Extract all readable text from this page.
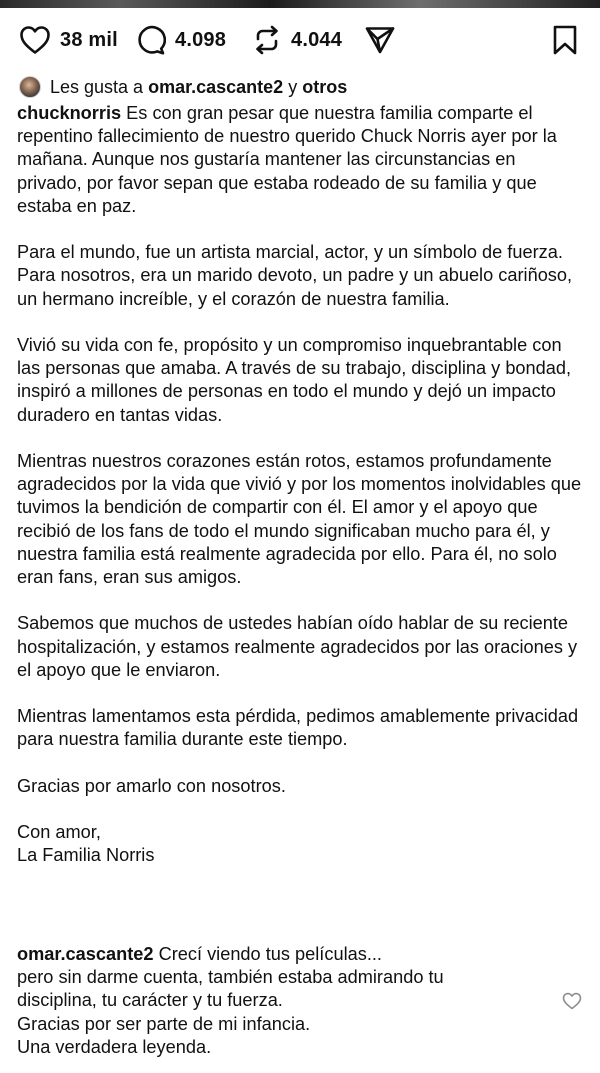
38 mil	4.098	4.044
Les gusta a
omar.cascante2
y
otros

chucknorris Es con gran pesar que nuestra familia comparte el repentino fallecimiento de nuestro querido Chuck Norris ayer por la mañana. Aunque nos gustaría mantener las circunstancias en privado, por favor sepan que estaba rodeado de su familia y que estaba en paz.

Para el mundo, fue un artista marcial, actor, y un símbolo de fuerza. Para nosotros, era un marido devoto, un padre y un abuelo cariñoso, un hermano increíble, y el corazón de nuestra familia.

Vivió su vida con fe, propósito y un compromiso inquebrantable con las personas que amaba. A través de su trabajo, disciplina y bondad, inspiró a millones de personas en todo el mundo y dejó un impacto duradero en tantas vidas.

Mientras nuestros corazones están rotos, estamos profundamente agradecidos por la vida que vivió y por los momentos inolvidables que tuvimos la bendición de compartir con él. El amor y el apoyo que recibió de los fans de todo el mundo significaban mucho para él, y nuestra familia está realmente agradecida por ello. Para él, no solo eran fans, eran sus amigos.

Sabemos que muchos de ustedes habían oído hablar de su reciente hospitalización, y estamos realmente agradecidos por las oraciones y el apoyo que le enviaron.

Mientras lamentamos esta pérdida, pedimos amablemente privacidad para nuestra familia durante este tiempo.

Gracias por amarlo con nosotros.

Con amor,

La Familia Norris

omar.cascante2 Crecí viendo tus películas...
pero sin darme cuenta, también estaba admirando tu
disciplina, tu carácter y tu fuerza.
Gracias por ser parte de mi infancia.
Una verdadera leyenda.
